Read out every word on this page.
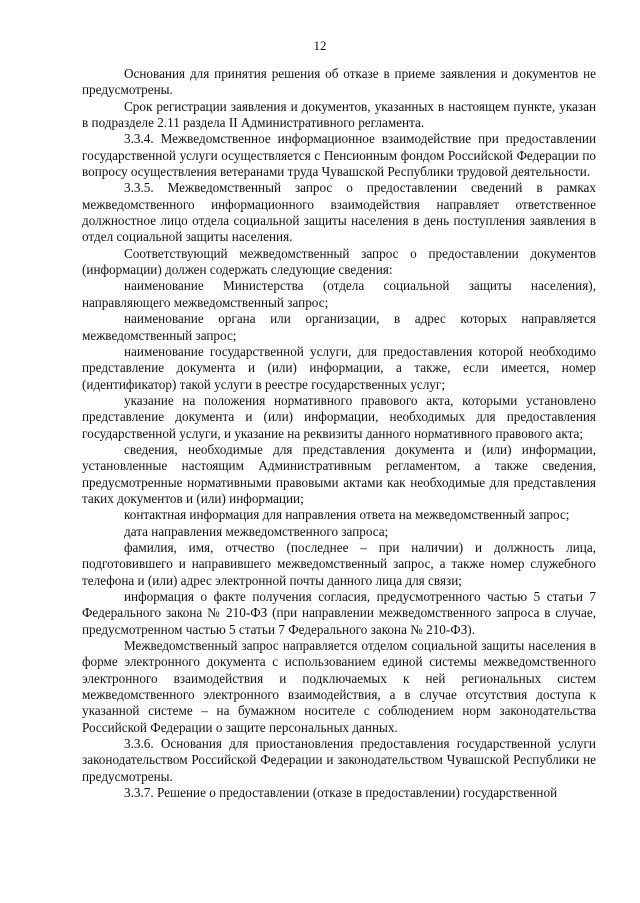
12

Основания для принятия решения об отказе в приеме заявления и документов не предусмотрены.

Срок регистрации заявления и документов, указанных в настоящем пункте, указан в подразделе 2.11 раздела II Административного регламента.

3.3.4. Межведомственное информационное взаимодействие при предоставлении государственной услуги осуществляется с Пенсионным фондом Российской Федерации по вопросу осуществления ветеранами труда Чувашской Республики трудовой деятельности.

3.3.5. Межведомственный запрос о предоставлении сведений в рамках межведомственного информационного взаимодействия направляет ответственное должностное лицо отдела социальной защиты населения в день поступления заявления в отдел социальной защиты населения.

Соответствующий межведомственный запрос о предоставлении документов (информации) должен содержать следующие сведения:

наименование Министерства (отдела социальной защиты населения), направляющего межведомственный запрос;

наименование органа или организации, в адрес которых направляется межведомственный запрос;

наименование государственной услуги, для предоставления которой необходимо представление документа и (или) информации, а также, если имеется, номер (идентификатор) такой услуги в реестре государственных услуг;

указание на положения нормативного правового акта, которыми установлено представление документа и (или) информации, необходимых для предоставления государственной услуги, и указание на реквизиты данного нормативного правового акта;

сведения, необходимые для представления документа и (или) информации, установленные настоящим Административным регламентом, а также сведения, предусмотренные нормативными правовыми актами как необходимые для представления таких документов и (или) информации;

контактная информация для направления ответа на межведомственный запрос;

дата направления межведомственного запроса;

фамилия, имя, отчество (последнее – при наличии) и должность лица, подготовившего и направившего межведомственный запрос, а также номер служебного телефона и (или) адрес электронной почты данного лица для связи;

информация о факте получения согласия, предусмотренного частью 5 статьи 7 Федерального закона № 210-ФЗ (при направлении межведомственного запроса в случае, предусмотренном частью 5 статьи 7 Федерального закона № 210-ФЗ).

Межведомственный запрос направляется отделом социальной защиты населения в форме электронного документа с использованием единой системы межведомственного электронного взаимодействия и подключаемых к ней региональных систем межведомственного электронного взаимодействия, а в случае отсутствия доступа к указанной системе – на бумажном носителе с соблюдением норм законодательства Российской Федерации о защите персональных данных.

3.3.6. Основания для приостановления предоставления государственной услуги законодательством Российской Федерации и законодательством Чувашской Республики не предусмотрены.

3.3.7. Решение о предоставлении (отказе в предоставлении) государственной
